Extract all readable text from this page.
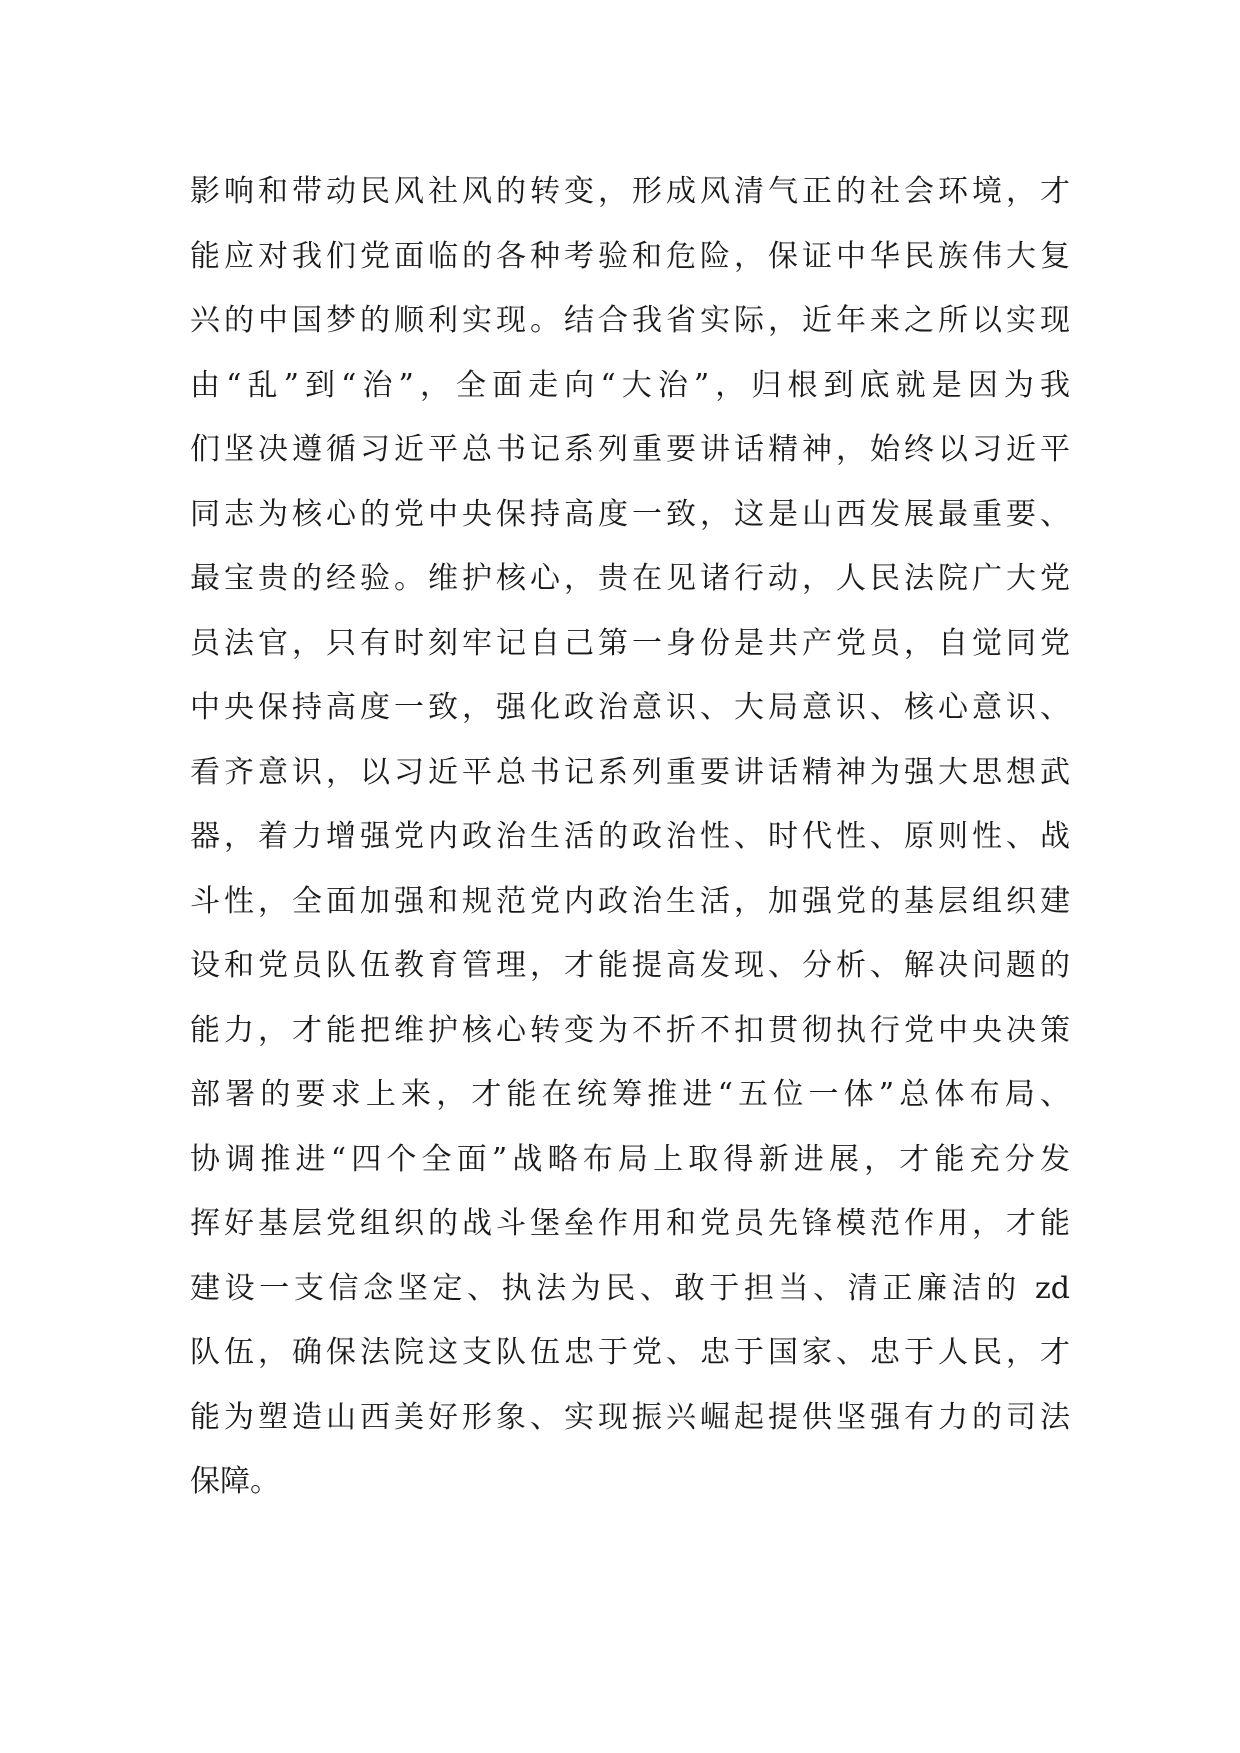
影响和带动民风社风的转变，形成风清气正的社会环境，才
能应对我们党面临的各种考验和危险，保证中华民族伟大复
兴的中国梦的顺利实现。结合我省实际，近年来之所以实现
由“乱”到“治”，全面走向“大治”，归根到底就是因为我
们坚决遵循习近平总书记系列重要讲话精神，始终以习近平
同志为核心的党中央保持高度一致，这是山西发展最重要、
最宝贵的经验。维护核心，贵在见诸行动，人民法院广大党
员法官，只有时刻牢记自己第一身份是共产党员，自觉同党
中央保持高度一致，强化政治意识、大局意识、核心意识、
看齐意识，以习近平总书记系列重要讲话精神为强大思想武
器，着力增强党内政治生活的政治性、时代性、原则性、战
斗性，全面加强和规范党内政治生活，加强党的基层组织建
设和党员队伍教育管理，才能提高发现、分析、解决问题的
能力，才能把维护核心转变为不折不扣贯彻执行党中央决策
部署的要求上来，才能在统筹推进“五位一体”总体布局、
协调推进“四个全面”战略布局上取得新进展，才能充分发
挥好基层党组织的战斗堡垒作用和党员先锋模范作用，才能
建设一支信念坚定、执法为民、敢于担当、清正廉洁的 zd
队伍，确保法院这支队伍忠于党、忠于国家、忠于人民，才
能为塑造山西美好形象、实现振兴崛起提供坚强有力的司法
保障。
